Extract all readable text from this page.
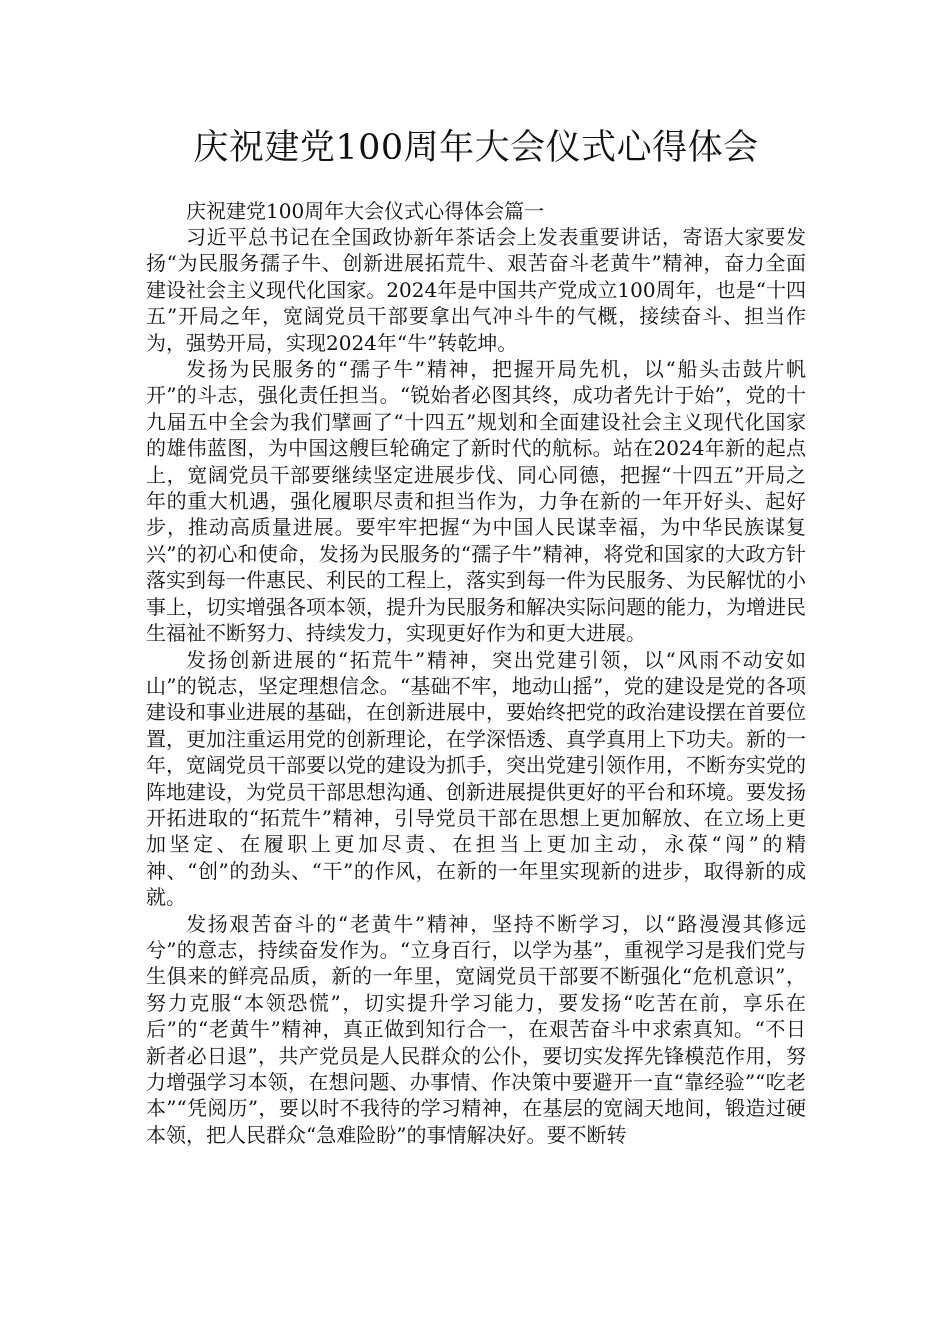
庆祝建党100周年大会仪式心得体会

庆祝建党100周年大会仪式心得体会篇一

习近平总书记在全国政协新年茶话会上发表重要讲话，寄语大家要发扬“为民服务孺子牛、创新进展拓荒牛、艰苦奋斗老黄牛”精神，奋力全面建设社会主义现代化国家。2024年是中国共产党成立100周年，也是“十四五”开局之年，宽阔党员干部要拿出气冲斗牛的气概，接续奋斗、担当作为，强势开局，实现2024年“牛”转乾坤。

发扬为民服务的“孺子牛”精神，把握开局先机，以“船头击鼓片帆开”的斗志，强化责任担当。“锐始者必图其终，成功者先计于始”，党的十九届五中全会为我们擘画了“十四五”规划和全面建设社会主义现代化国家的雄伟蓝图，为中国这艘巨轮确定了新时代的航标。站在2024年新的起点上，宽阔党员干部要继续坚定进展步伐、同心同德，把握“十四五”开局之年的重大机遇，强化履职尽责和担当作为，力争在新的一年开好头、起好步，推动高质量进展。要牢牢把握“为中国人民谋幸福，为中华民族谋复兴”的初心和使命，发扬为民服务的“孺子牛”精神，将党和国家的大政方针落实到每一件惠民、利民的工程上，落实到每一件为民服务、为民解忧的小事上，切实增强各项本领，提升为民服务和解决实际问题的能力，为增进民生福祉不断努力、持续发力，实现更好作为和更大进展。

发扬创新进展的“拓荒牛”精神，突出党建引领，以“风雨不动安如山”的锐志，坚定理想信念。“基础不牢，地动山摇”，党的建设是党的各项建设和事业进展的基础，在创新进展中，要始终把党的政治建设摆在首要位置，更加注重运用党的创新理论，在学深悟透、真学真用上下功夫。新的一年，宽阔党员干部要以党的建设为抓手，突出党建引领作用，不断夯实党的阵地建设，为党员干部思想沟通、创新进展提供更好的平台和环境。要发扬开拓进取的“拓荒牛”精神，引导党员干部在思想上更加解放、在立场上更加坚定、在履职上更加尽责、在担当上更加主动，永葆“闯”的精神、“创”的劲头、“干”的作风，在新的一年里实现新的进步，取得新的成就。

发扬艰苦奋斗的“老黄牛”精神，坚持不断学习，以“路漫漫其修远兮”的意志，持续奋发作为。“立身百行，以学为基”，重视学习是我们党与生俱来的鲜亮品质，新的一年里，宽阔党员干部要不断强化“危机意识”，努力克服“本领恐慌”，切实提升学习能力，要发扬“吃苦在前，享乐在后”的“老黄牛”精神，真正做到知行合一，在艰苦奋斗中求索真知。“不日新者必日退”，共产党员是人民群众的公仆，要切实发挥先锋模范作用，努力增强学习本领，在想问题、办事情、作决策中要避开一直“靠经验”“吃老本”“凭阅历”，要以时不我待的学习精神，在基层的宽阔天地间，锻造过硬本领，把人民群众“急难险盼”的事情解决好。要不断转
